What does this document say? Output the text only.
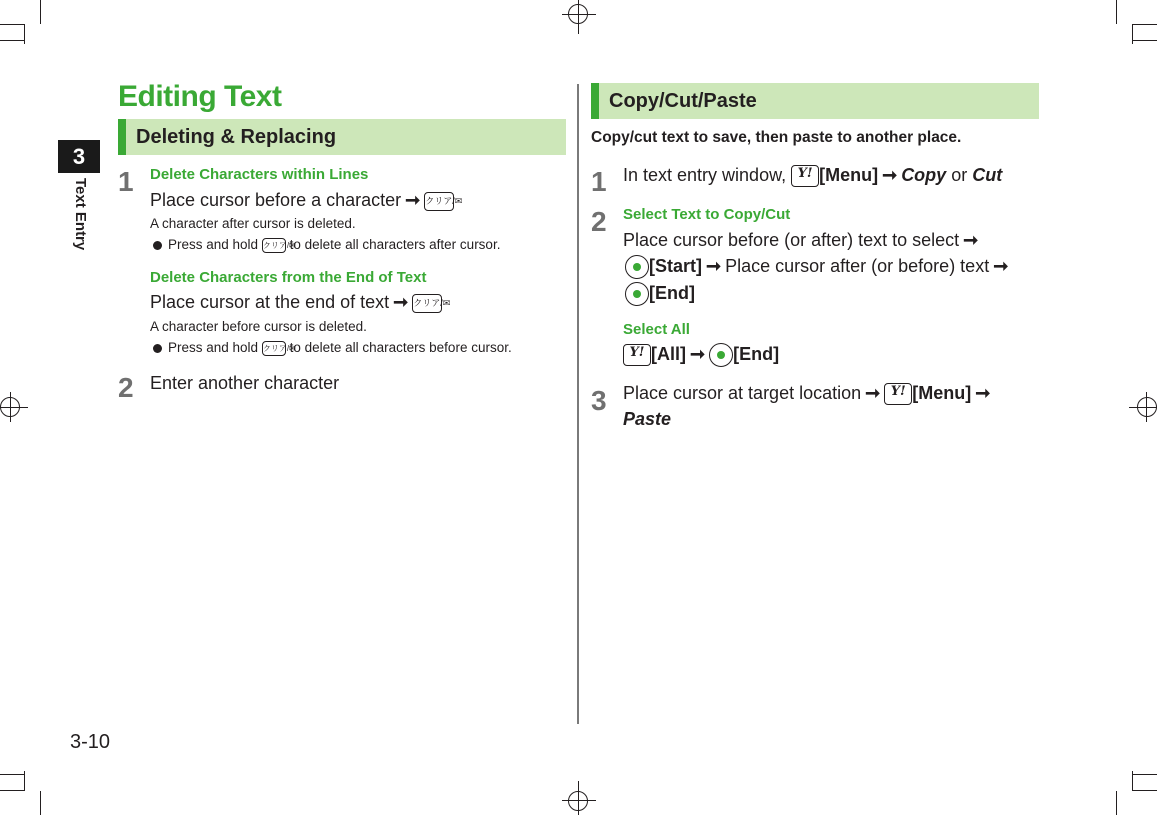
3
Text Entry
3-10
Editing Text
Deleting & Replacing
1 Delete Characters within Lines
Place cursor before a character ➞ クリア/✉
A character after cursor is deleted.
Press and hold クリア/✉ to delete all characters after cursor.
Delete Characters from the End of Text
Place cursor at the end of text ➞ クリア/✉
A character before cursor is deleted.
Press and hold クリア/✉ to delete all characters before cursor.
2 Enter another character
Copy/Cut/Paste
Copy/cut text to save, then paste to another place.
1 In text entry window, Y! [Menu] ➞ Copy or Cut
2 Select Text to Copy/Cut
Place cursor before (or after) text to select ➞
[Start] ➞ Place cursor after (or before) text ➞
[End]
Select All
Y! [All] ➞ [End]
3 Place cursor at target location ➞ Y! [Menu] ➞
Paste
